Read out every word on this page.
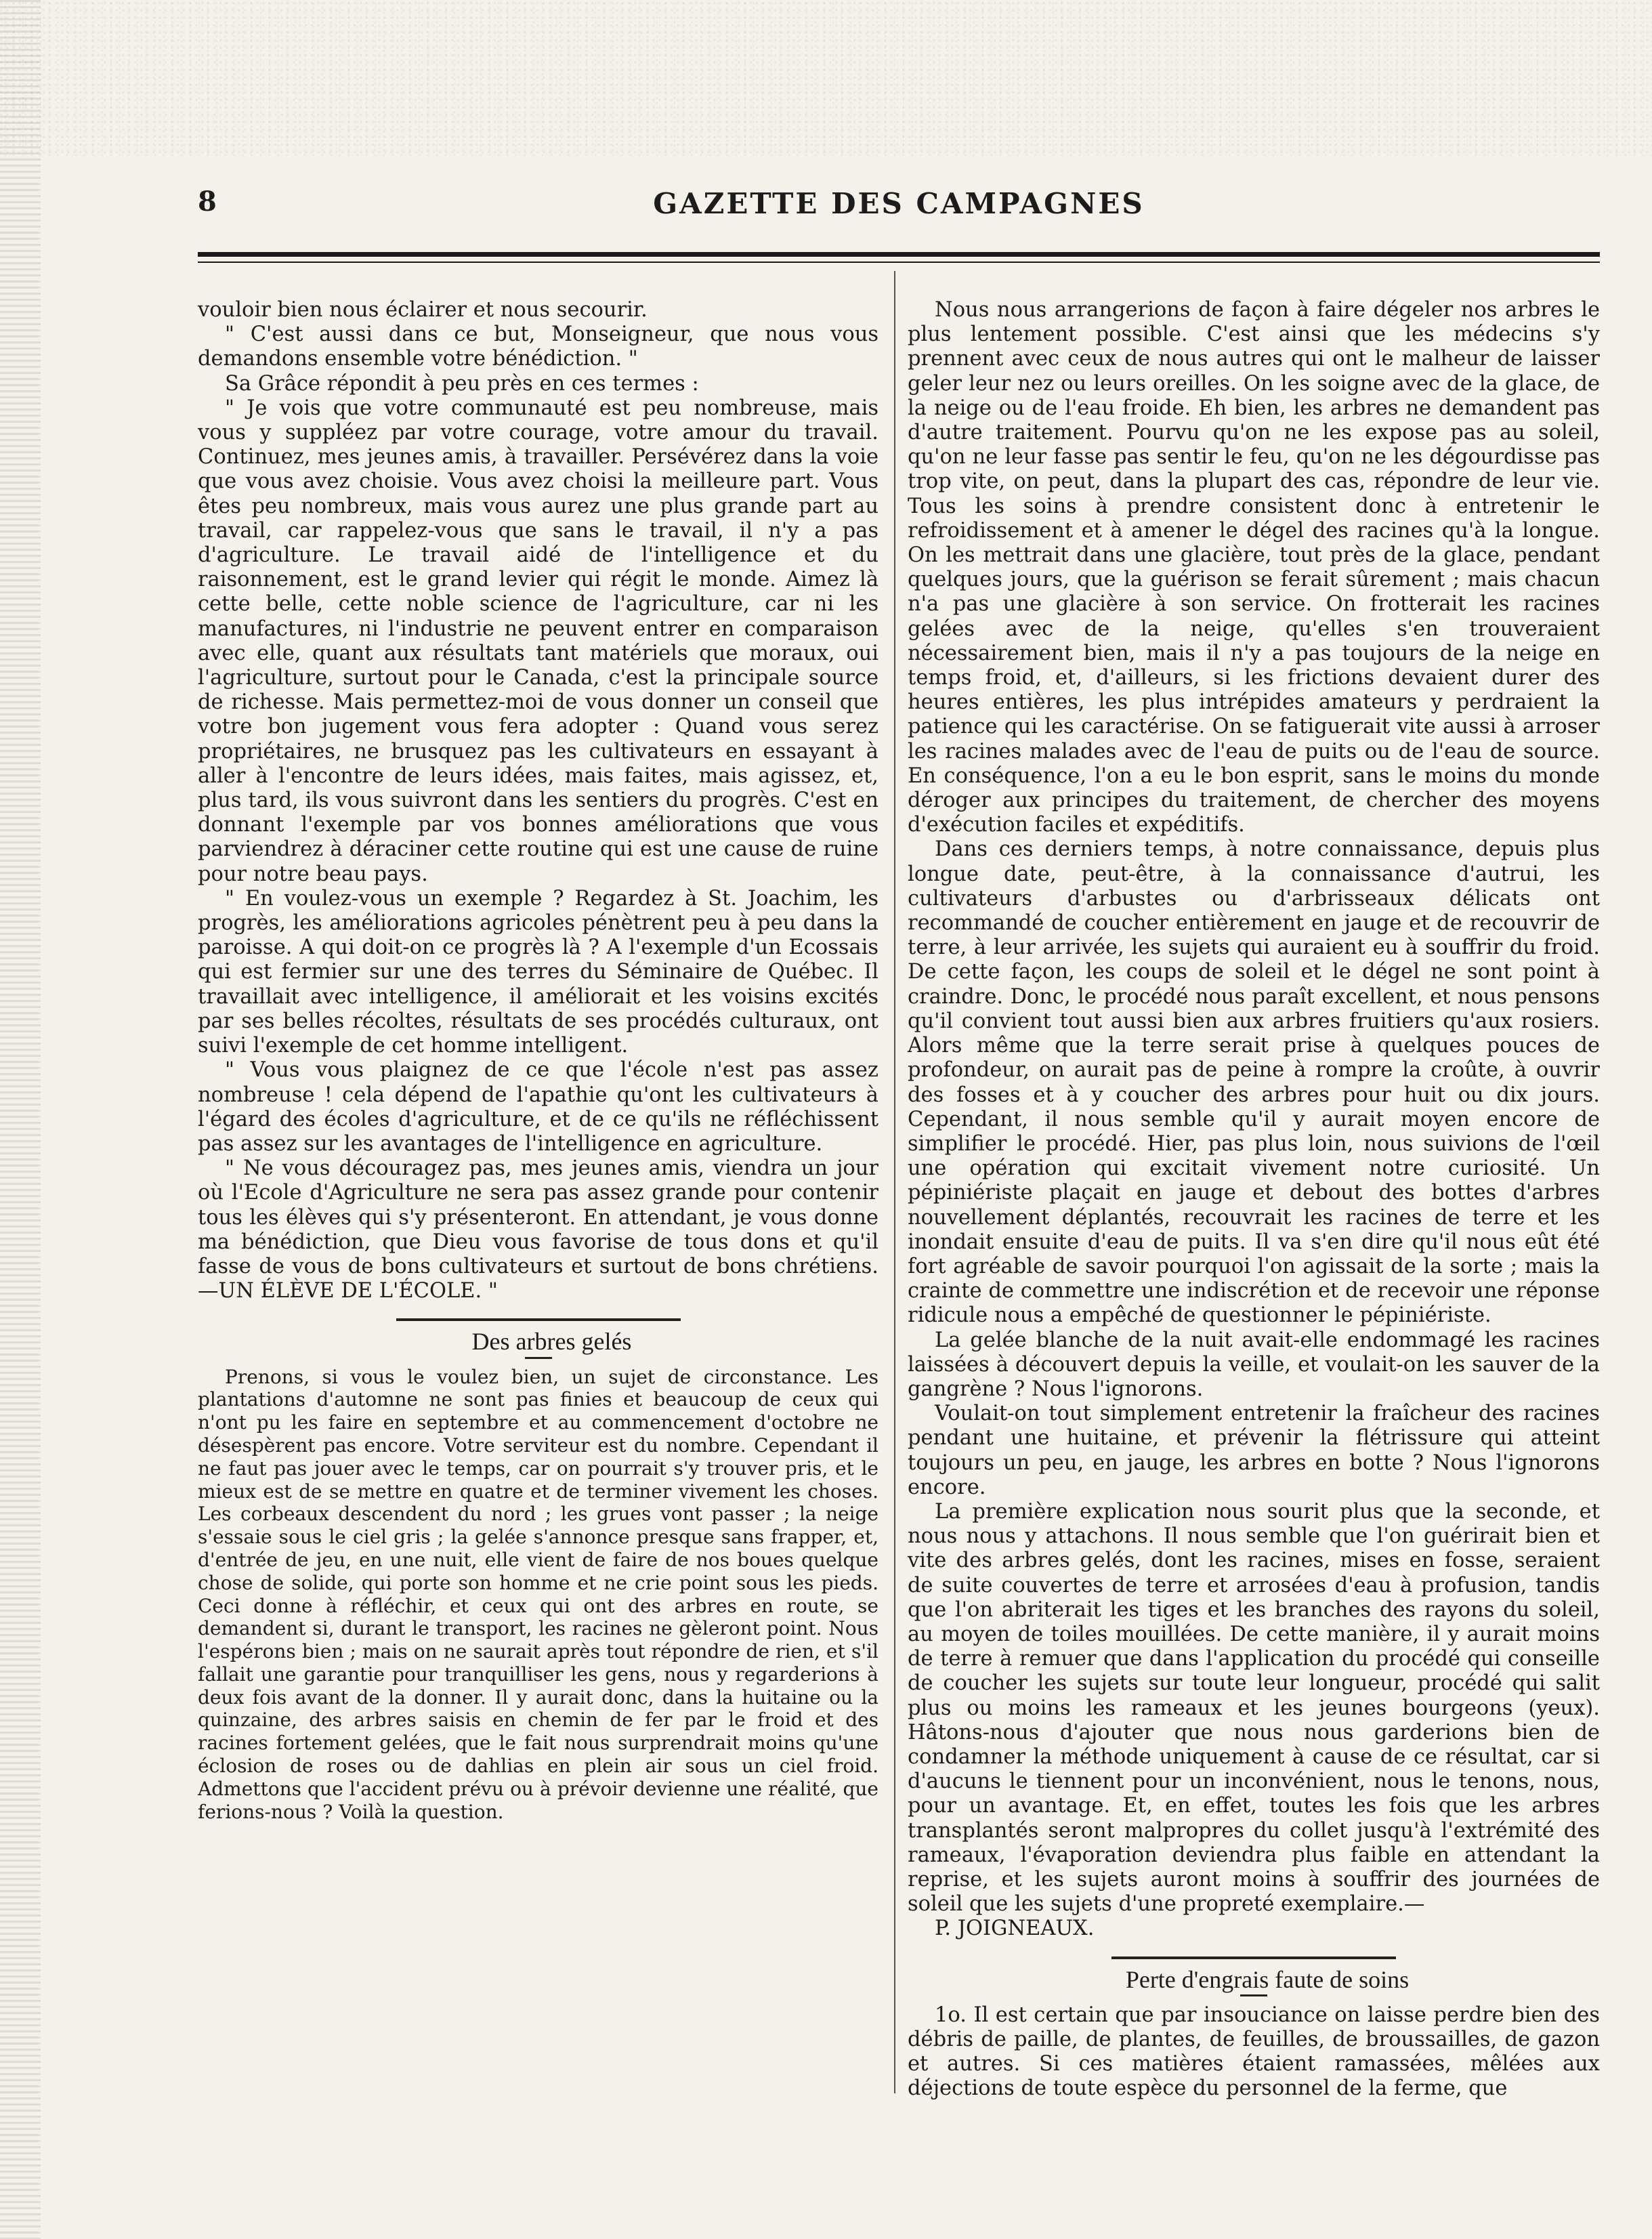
8	GAZETTE DES CAMPAGNES

vouloir bien nous éclairer et nous secourir.

" C'est aussi dans ce but, Monseigneur, que nous vous demandons ensemble votre bénédiction. "

Sa Grâce répondit à peu près en ces termes :

" Je vois que votre communauté est peu nombreuse, mais vous y suppléez par votre courage, votre amour du travail. Continuez, mes jeunes amis, à travailler. Persévérez dans la voie que vous avez choisie. Vous avez choisi la meilleure part. Vous êtes peu nombreux, mais vous aurez une plus grande part au travail, car rappelez-vous que sans le travail, il n'y a pas d'agriculture. Le travail aidé de l'intelligence et du raisonnement, est le grand levier qui régit le monde. Aimez là cette belle, cette noble science de l'agriculture, car ni les manufactures, ni l'industrie ne peuvent entrer en comparaison avec elle, quant aux résultats tant matériels que moraux, oui l'agriculture, surtout pour le Canada, c'est la principale source de richesse. Mais permettez-moi de vous donner un conseil que votre bon jugement vous fera adopter : Quand vous serez propriétaires, ne brusquez pas les cultivateurs en essayant à aller à l'encontre de leurs idées, mais faites, mais agissez, et, plus tard, ils vous suivront dans les sentiers du progrès. C'est en donnant l'exemple par vos bonnes améliorations que vous parviendrez à déraciner cette routine qui est une cause de ruine pour notre beau pays.

" En voulez-vous un exemple ? Regardez à St. Joachim, les progrès, les améliorations agricoles pénètrent peu à peu dans la paroisse. A qui doit-on ce progrès là ? A l'exemple d'un Ecossais qui est fermier sur une des terres du Séminaire de Québec. Il travaillait avec intelligence, il améliorait et les voisins excités par ses belles récoltes, résultats de ses procédés culturaux, ont suivi l'exemple de cet homme intelligent.

" Vous vous plaignez de ce que l'école n'est pas assez nombreuse ! cela dépend de l'apathie qu'ont les cultivateurs à l'égard des écoles d'agriculture, et de ce qu'ils ne réfléchissent pas assez sur les avantages de l'intelligence en agriculture.

" Ne vous découragez pas, mes jeunes amis, viendra un jour où l'Ecole d'Agriculture ne sera pas assez grande pour contenir tous les élèves qui s'y présenteront. En attendant, je vous donne ma bénédiction, que Dieu vous favorise de tous dons et qu'il fasse de vous de bons cultivateurs et surtout de bons chrétiens.—UN ÉLÈVE DE L'ÉCOLE. "

Des arbres gelés

Prenons, si vous le voulez bien, un sujet de circonstance. Les plantations d'automne ne sont pas finies et beaucoup de ceux qui n'ont pu les faire en septembre et au commencement d'octobre ne désespèrent pas encore. Votre serviteur est du nombre. Cependant il ne faut pas jouer avec le temps, car on pourrait s'y trouver pris, et le mieux est de se mettre en quatre et de terminer vivement les choses. Les corbeaux descendent du nord ; les grues vont passer ; la neige s'essaie sous le ciel gris ; la gelée s'annonce presque sans frapper, et, d'entrée de jeu, en une nuit, elle vient de faire de nos boues quelque chose de solide, qui porte son homme et ne crie point sous les pieds. Ceci donne à réfléchir, et ceux qui ont des arbres en route, se demandent si, durant le transport, les racines ne gèleront point. Nous l'espérons bien ; mais on ne saurait après tout répondre de rien, et s'il fallait une garantie pour tranquilliser les gens, nous y regarderions à deux fois avant de la donner. Il y aurait donc, dans la huitaine ou la quinzaine, des arbres saisis en chemin de fer par le froid et des racines fortement gelées, que le fait nous surprendrait moins qu'une éclosion de roses ou de dahlias en plein air sous un ciel froid. Admettons que l'accident prévu ou à prévoir devienne une réalité, que ferions-nous ? Voilà la question.

Nous nous arrangerions de façon à faire dégeler nos arbres le plus lentement possible. C'est ainsi que les médecins s'y prennent avec ceux de nous autres qui ont le malheur de laisser geler leur nez ou leurs oreilles. On les soigne avec de la glace, de la neige ou de l'eau froide. Eh bien, les arbres ne demandent pas d'autre traitement. Pourvu qu'on ne les expose pas au soleil, qu'on ne leur fasse pas sentir le feu, qu'on ne les dégourdisse pas trop vite, on peut, dans la plupart des cas, répondre de leur vie. Tous les soins à prendre consistent donc à entretenir le refroidissement et à amener le dégel des racines qu'à la longue. On les mettrait dans une glacière, tout près de la glace, pendant quelques jours, que la guérison se ferait sûrement ; mais chacun n'a pas une glacière à son service. On frotterait les racines gelées avec de la neige, qu'elles s'en trouveraient nécessairement bien, mais il n'y a pas toujours de la neige en temps froid, et, d'ailleurs, si les frictions devaient durer des heures entières, les plus intrépides amateurs y perdraient la patience qui les caractérise. On se fatiguerait vite aussi à arroser les racines malades avec de l'eau de puits ou de l'eau de source. En conséquence, l'on a eu le bon esprit, sans le moins du monde déroger aux principes du traitement, de chercher des moyens d'exécution faciles et expéditifs.

Dans ces derniers temps, à notre connaissance, depuis plus longue date, peut-être, à la connaissance d'autrui, les cultivateurs d'arbustes ou d'arbrisseaux délicats ont recommandé de coucher entièrement en jauge et de recouvrir de terre, à leur arrivée, les sujets qui auraient eu à souffrir du froid. De cette façon, les coups de soleil et le dégel ne sont point à craindre. Donc, le procédé nous paraît excellent, et nous pensons qu'il convient tout aussi bien aux arbres fruitiers qu'aux rosiers. Alors même que la terre serait prise à quelques pouces de profondeur, on aurait pas de peine à rompre la croûte, à ouvrir des fosses et à y coucher des arbres pour huit ou dix jours. Cependant, il nous semble qu'il y aurait moyen encore de simplifier le procédé. Hier, pas plus loin, nous suivions de l'œil une opération qui excitait vivement notre curiosité. Un pépiniériste plaçait en jauge et debout des bottes d'arbres nouvellement déplantés, recouvrait les racines de terre et les inondait ensuite d'eau de puits. Il va s'en dire qu'il nous eût été fort agréable de savoir pourquoi l'on agissait de la sorte ; mais la crainte de commettre une indiscrétion et de recevoir une réponse ridicule nous a empêché de questionner le pépiniériste.

La gelée blanche de la nuit avait-elle endommagé les racines laissées à découvert depuis la veille, et voulait-on les sauver de la gangrène ? Nous l'ignorons.

Voulait-on tout simplement entretenir la fraîcheur des racines pendant une huitaine, et prévenir la flétrissure qui atteint toujours un peu, en jauge, les arbres en botte ? Nous l'ignorons encore.

La première explication nous sourit plus que la seconde, et nous nous y attachons. Il nous semble que l'on guérirait bien et vite des arbres gelés, dont les racines, mises en fosse, seraient de suite couvertes de terre et arrosées d'eau à profusion, tandis que l'on abriterait les tiges et les branches des rayons du soleil, au moyen de toiles mouillées. De cette manière, il y aurait moins de terre à remuer que dans l'application du procédé qui conseille de coucher les sujets sur toute leur longueur, procédé qui salit plus ou moins les rameaux et les jeunes bourgeons (yeux). Hâtons-nous d'ajouter que nous nous garderions bien de condamner la méthode uniquement à cause de ce résultat, car si d'aucuns le tiennent pour un inconvénient, nous le tenons, nous, pour un avantage. Et, en effet, toutes les fois que les arbres transplantés seront malpropres du collet jusqu'à l'extrémité des rameaux, l'évaporation deviendra plus faible en attendant la reprise, et les sujets auront moins à souffrir des journées de soleil que les sujets d'une propreté exemplaire.—

P. JOIGNEAUX.

Perte d'engrais faute de soins

1o. Il est certain que par insouciance on laisse perdre bien des débris de paille, de plantes, de feuilles, de broussailles, de gazon et autres. Si ces matières étaient ramassées, mêlées aux déjections de toute espèce du personnel de la ferme, que
